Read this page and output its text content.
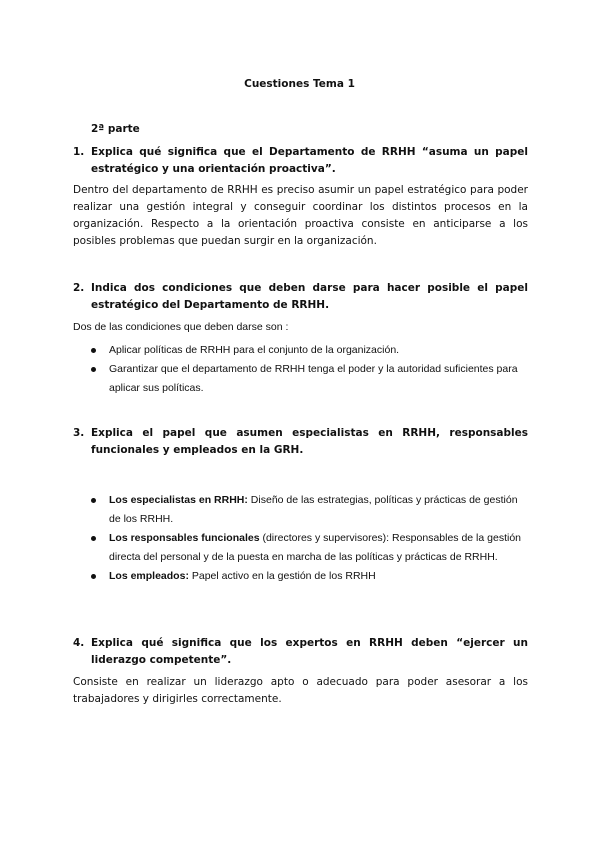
Cuestiones Tema 1
2ª parte
1. Explica qué significa que el Departamento de RRHH “asuma un papel estratégico y una orientación proactiva”.
Dentro del departamento de RRHH es preciso asumir un papel estratégico para poder realizar una gestión integral y conseguir coordinar los distintos procesos en la organización. Respecto a la orientación proactiva consiste en anticiparse a los posibles problemas que puedan surgir en la organización.
2. Indica dos condiciones que deben darse para hacer posible el papel estratégico del Departamento de RRHH.
Dos de las condiciones que deben darse son :
Aplicar políticas de RRHH para el conjunto de la organización.
Garantizar que el departamento de RRHH tenga el poder y la autoridad suficientes para aplicar sus políticas.
3. Explica el papel que asumen especialistas en RRHH, responsables funcionales y empleados en la GRH.
Los especialistas en RRHH: Diseño de las estrategias, políticas y prácticas de gestión de los RRHH.
Los responsables funcionales (directores y supervisores): Responsables de la gestión directa del personal y de la puesta en marcha de las políticas y prácticas de RRHH.
Los empleados: Papel activo en la gestión de los RRHH
4. Explica qué significa que los expertos en RRHH deben “ejercer un liderazgo competente”.
Consiste en realizar un liderazgo apto o adecuado para poder asesorar a los trabajadores y dirigirles correctamente.
